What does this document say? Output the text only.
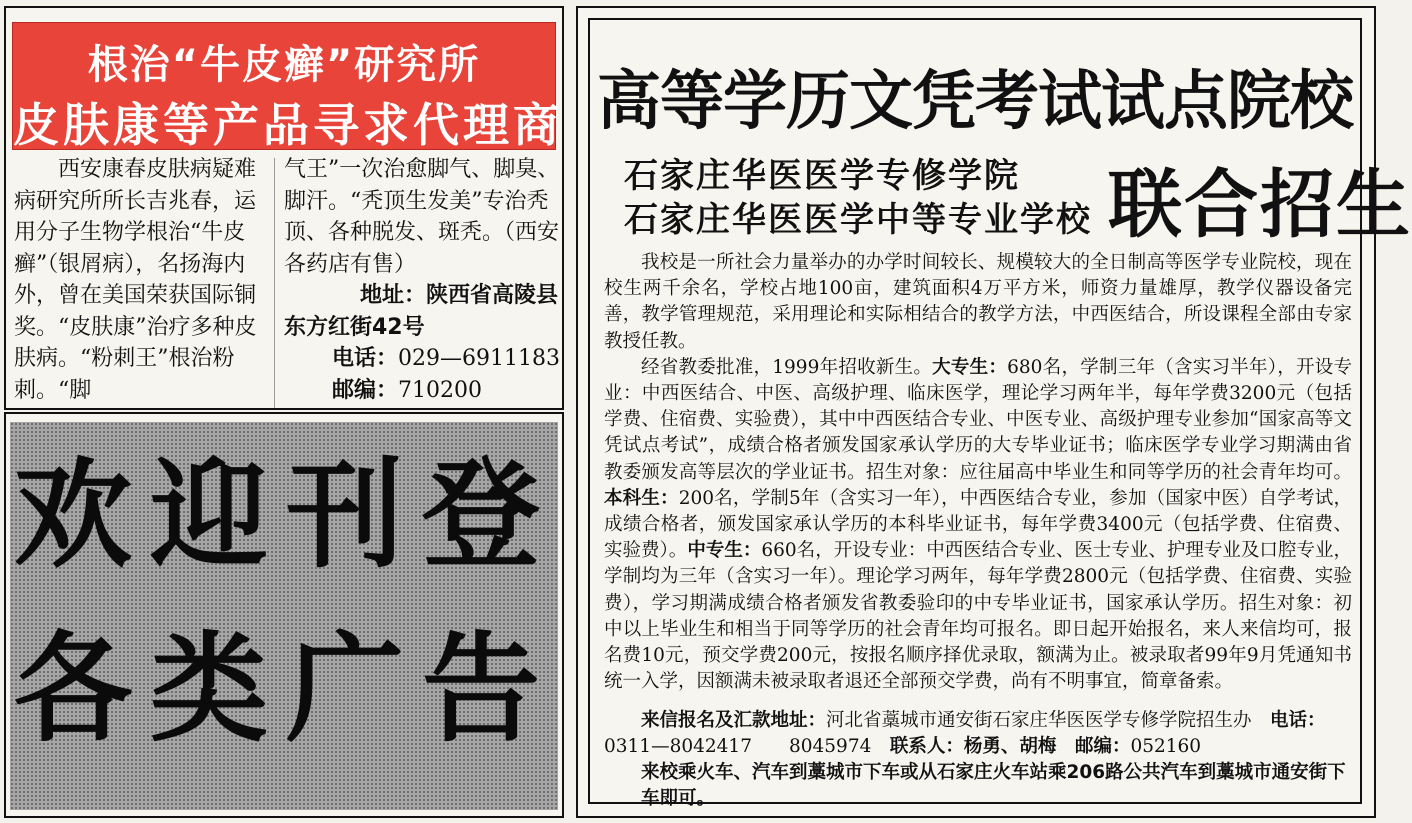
根治“牛皮癣”研究所
皮肤康等产品寻求代理商
　　西安康春皮肤病疑难病研究所所长吉兆春，运用分子生物学根治“牛皮癣”（银屑病），名扬海内外，曾在美国荣获国际铜奖。“皮肤康”治疗多种皮肤病。“粉刺王”根治粉刺。“脚
气王”一次治愈脚气、脚臭、脚汗。“秃顶生发美”专治秃顶、各种脱发、斑秃。（西安各药店有售）
地址：陕西省高陵县
东方红街42号
电话：029—6911183
邮编：710200
欢迎刊登
各类广告
高等学历文凭考试试点院校
石家庄华医医学专修学院
石家庄华医医学中等专业学校 联合招生

我校是一所社会力量举办的办学时间较长、规模较大的全日制高等医学专业院校，现在校生两千余名，学校占地100亩，建筑面积4万平方米，师资力量雄厚，教学仪器设备完善，教学管理规范，采用理论和实际相结合的教学方法，中西医结合，所设课程全部由专家教授任教。

经省教委批准，1999年招收新生。大专生：680名，学制三年（含实习半年），开设专业：中西医结合、中医、高级护理、临床医学，理论学习两年半，每年学费3200元（包括学费、住宿费、实验费），其中中西医结合专业、中医专业、高级护理专业参加“国家高等文凭试点考试”，成绩合格者颁发国家承认学历的大专毕业证书；临床医学专业学习期满由省教委颁发高等层次的学业证书。招生对象：应往届高中毕业生和同等学历的社会青年均可。本科生：200名，学制5年（含实习一年），中西医结合专业，参加（国家中医）自学考试，成绩合格者，颁发国家承认学历的本科毕业证书，每年学费3400元（包括学费、住宿费、实验费）。中专生：660名，开设专业：中西医结合专业、医士专业、护理专业及口腔专业，学制均为三年（含实习一年）。理论学习两年，每年学费2800元（包括学费、住宿费、实验费），学习期满成绩合格者颁发省教委验印的中专毕业证书，国家承认学历。招生对象：初中以上毕业生和相当于同等学历的社会青年均可报名。即日起开始报名，来人来信均可，报名费10元，预交学费200元，按报名顺序择优录取，额满为止。被录取者99年9月凭通知书统一入学，因额满未被录取者退还全部预交学费，尚有不明事宜，简章备索。

来信报名及汇款地址：河北省藁城市通安街石家庄华医医学专修学院招生办　 电话：
0311—8042417　　8045974　 联系人：杨勇、胡梅　 邮编：052160
来校乘火车、汽车到藁城市下车或从石家庄火车站乘206路公共汽车到藁城市通安街下车即可。
